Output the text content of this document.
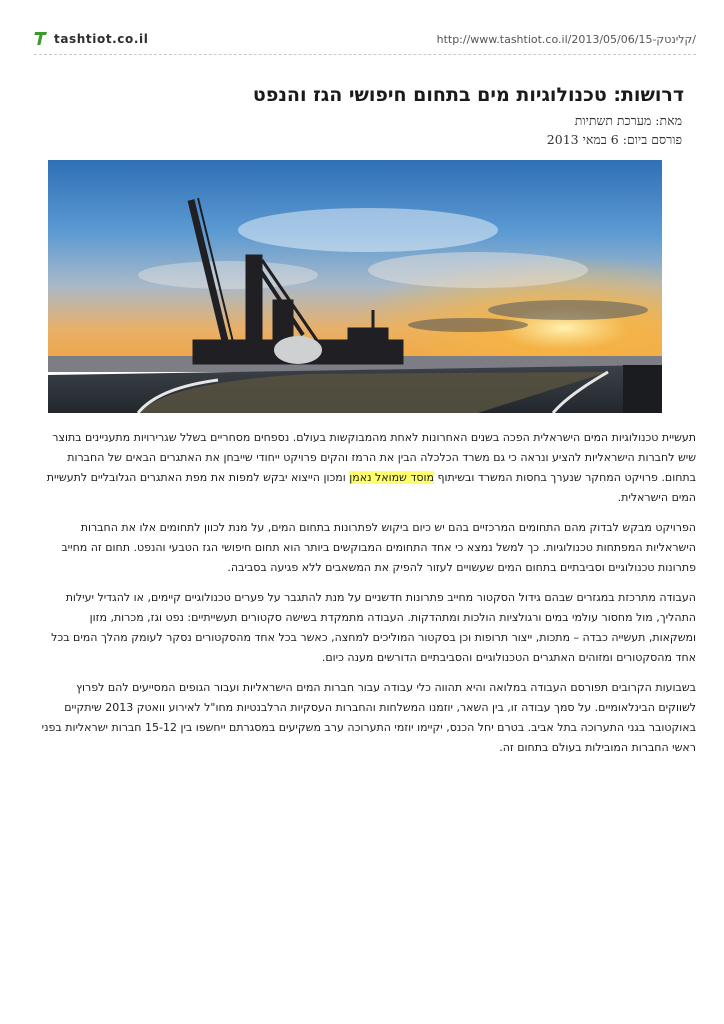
tashtiot.co.il	http://www.tashtiot.co.il/2013/05/06/קלינטק-15/
דרושות: טכנולוגיות מים בתחום חיפושי הגז והנפט
מאת: מערכת תשתיות
פורסם ביום: 6 במאי 2013

תעשיית טכנולוגיות המים הישראלית הפכה בשנים האחרונות לאחת מהמבוקשות בעולם. נספחים מסחריים בשלל שגרירויות מתעניינים בתוצר שיש לחברות הישראליות להציע ונראה כי גם משרד הכלכלה הבין את הרמז והקים פרויקט ייחודי שייבחן את האתגרים הבאים של החברות בתחום. פרויקט המחקר שנערך בחסות המשרד ובשיתוף מוסד שמואל נאמן ומכון הייצוא יבקש למפות את מפת האתגרים הגלובליים לתעשיית המים הישראלית.

הפרויקט מבקש לבדוק מהם התחומים המרכזיים בהם יש כיום ביקוש לפתרונות בתחום המים, על מנת לכוון לתחומים אלו את החברות הישראליות המפתחות טכנולוגיות. כך למשל נמצא כי אחד התחומים המבוקשים ביותר הוא תחום חיפושי הגז הטבעי והנפט. תחום זה מחייב פתרונות טכנולוגיים וסביבתיים בתחום המים שעשויים לעזור להפיק את המשאבים ללא פגיעה בסביבה.

העבודה מתרכזת במגזרים שבהם גידול הסקטור מחייב פתרונות חדשניים על מנת להתגבר על פערים טכנולוגיים קיימים, או להגדיל יעילות התהליך, מול מחסור עולמי במים ורגולציות הולכות ומתהדקות. העבודה מתמקדת בשישה סקטורים תעשייתיים: נפט וגז, מכרות, מזון ומשקאות, תעשייה כבדה – מתכות, ייצור תרופות וכן בסקטור המוליכים למחצה, כאשר בכל אחד מהסקטורים נסקר לעומק מהלך המים בכל אחד מהסקטורים ומזוהים האתגרים הטכנולוגיים והסביבתיים הדורשים מענה כיום.

בשבועות הקרובים תפורסם העבודה במלואה והיא תהווה כלי עבודה עבור חברות המים הישראליות ועבור הגופים המסייעים להם לפרוץ לשווקים הבינלאומיים. על סמך עבודה זו, בין השאר, יוזמנו המשלחות והחברות העסקיות הרלבנטיות מחו"ל לאירוע וואטק 2013 שיתקיים באוקטובר בגני התערוכה בתל אביב. בטרם יחל הכנס, יקיימו יוזמי התערוכה ערב משקיעים במסגרתם ייחשפו בין 15-12 חברות ישראליות בפני ראשי החברות המובילות בעולם בתחום זה.
